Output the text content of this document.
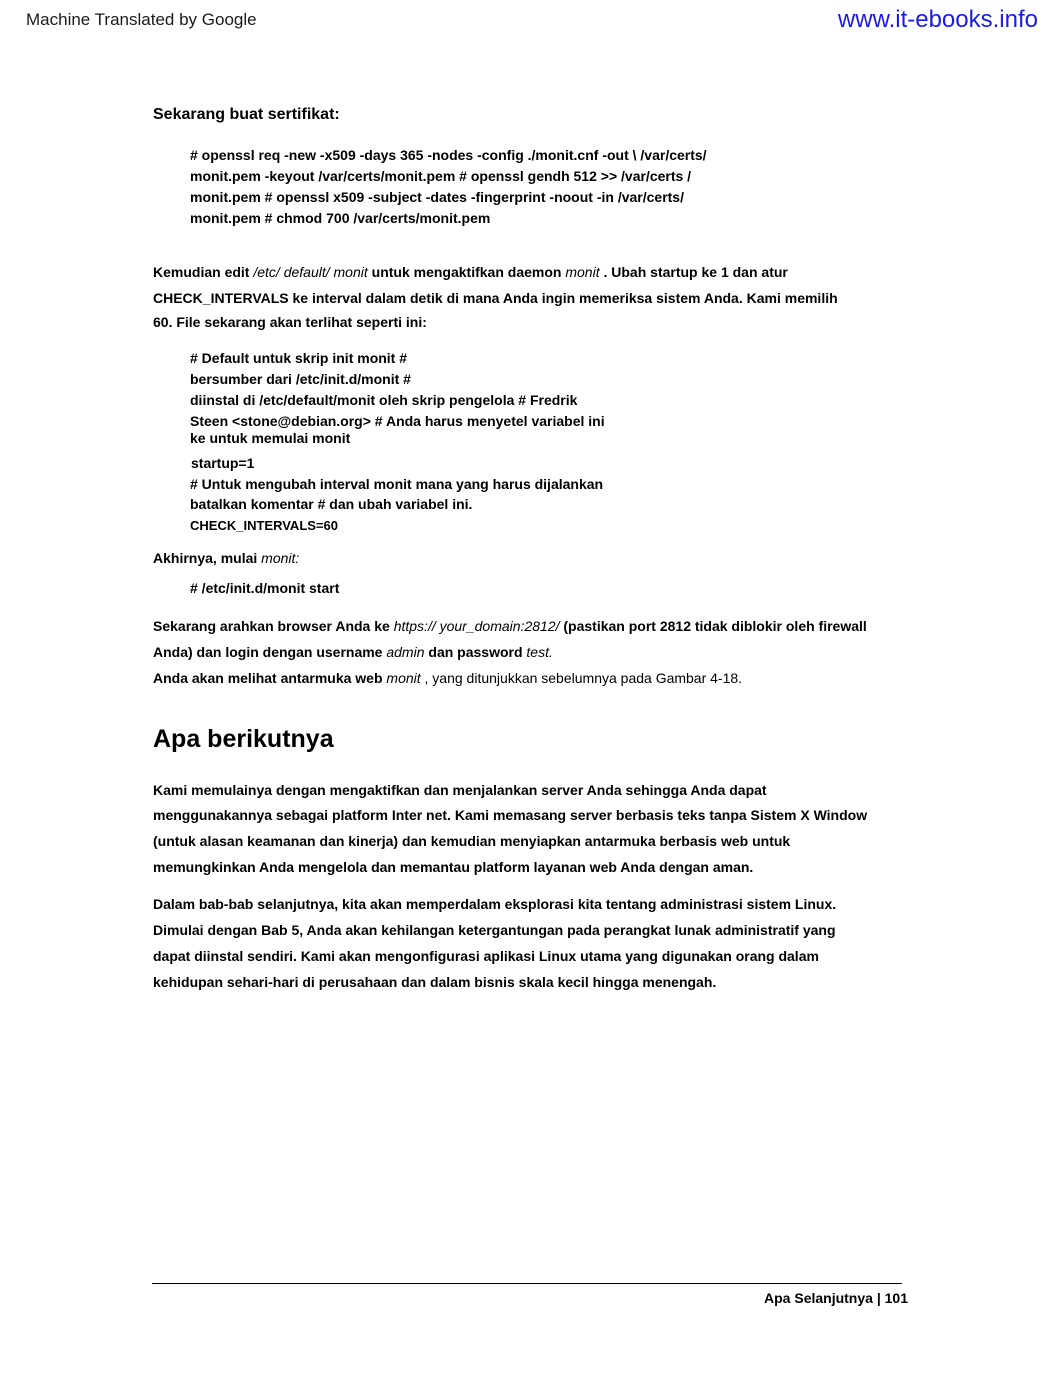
Machine Translated by Google	www.it-ebooks.info
Sekarang buat sertifikat:
# openssl req -new -x509 -days 365 -nodes -config ./monit.cnf -out \ /var/certs/
monit.pem -keyout /var/certs/monit.pem # openssl gendh 512 >> /var/certs /
monit.pem # openssl x509 -subject -dates -fingerprint -noout -in /var/certs/
monit.pem # chmod 700 /var/certs/monit.pem
Kemudian edit /etc/ default/ monit untuk mengaktifkan daemon monit . Ubah startup ke 1 dan atur
CHECK_INTERVALS ke interval dalam detik di mana Anda ingin memeriksa sistem Anda. Kami memilih
60. File sekarang akan terlihat seperti ini:
# Default untuk skrip init monit #
bersumber dari /etc/init.d/monit #
diinstal di /etc/default/monit oleh skrip pengelola # Fredrik
Steen <stone@debian.org> # Anda harus menyetel variabel ini
ke untuk memulai monit
startup=1
# Untuk mengubah interval monit mana yang harus dijalankan
batalkan komentar # dan ubah variabel ini.
CHECK_INTERVALS=60
Akhirnya, mulai monit:
# /etc/init.d/monit start
Sekarang arahkan browser Anda ke https:// your_domain:2812/ (pastikan port 2812 tidak diblokir oleh firewall
Anda) dan login dengan username admin dan password test.
Anda akan melihat antarmuka web monit , yang ditunjukkan sebelumnya pada Gambar 4-18.
Apa berikutnya
Kami memulainya dengan mengaktifkan dan menjalankan server Anda sehingga Anda dapat
menggunakannya sebagai platform Inter net. Kami memasang server berbasis teks tanpa Sistem X Window
(untuk alasan keamanan dan kinerja) dan kemudian menyiapkan antarmuka berbasis web untuk
memungkinkan Anda mengelola dan memantau platform layanan web Anda dengan aman.
Dalam bab-bab selanjutnya, kita akan memperdalam eksplorasi kita tentang administrasi sistem Linux.
Dimulai dengan Bab 5, Anda akan kehilangan ketergantungan pada perangkat lunak administratif yang
dapat diinstal sendiri. Kami akan mengonfigurasi aplikasi Linux utama yang digunakan orang dalam
kehidupan sehari-hari di perusahaan dan dalam bisnis skala kecil hingga menengah.
Apa Selanjutnya | 101
